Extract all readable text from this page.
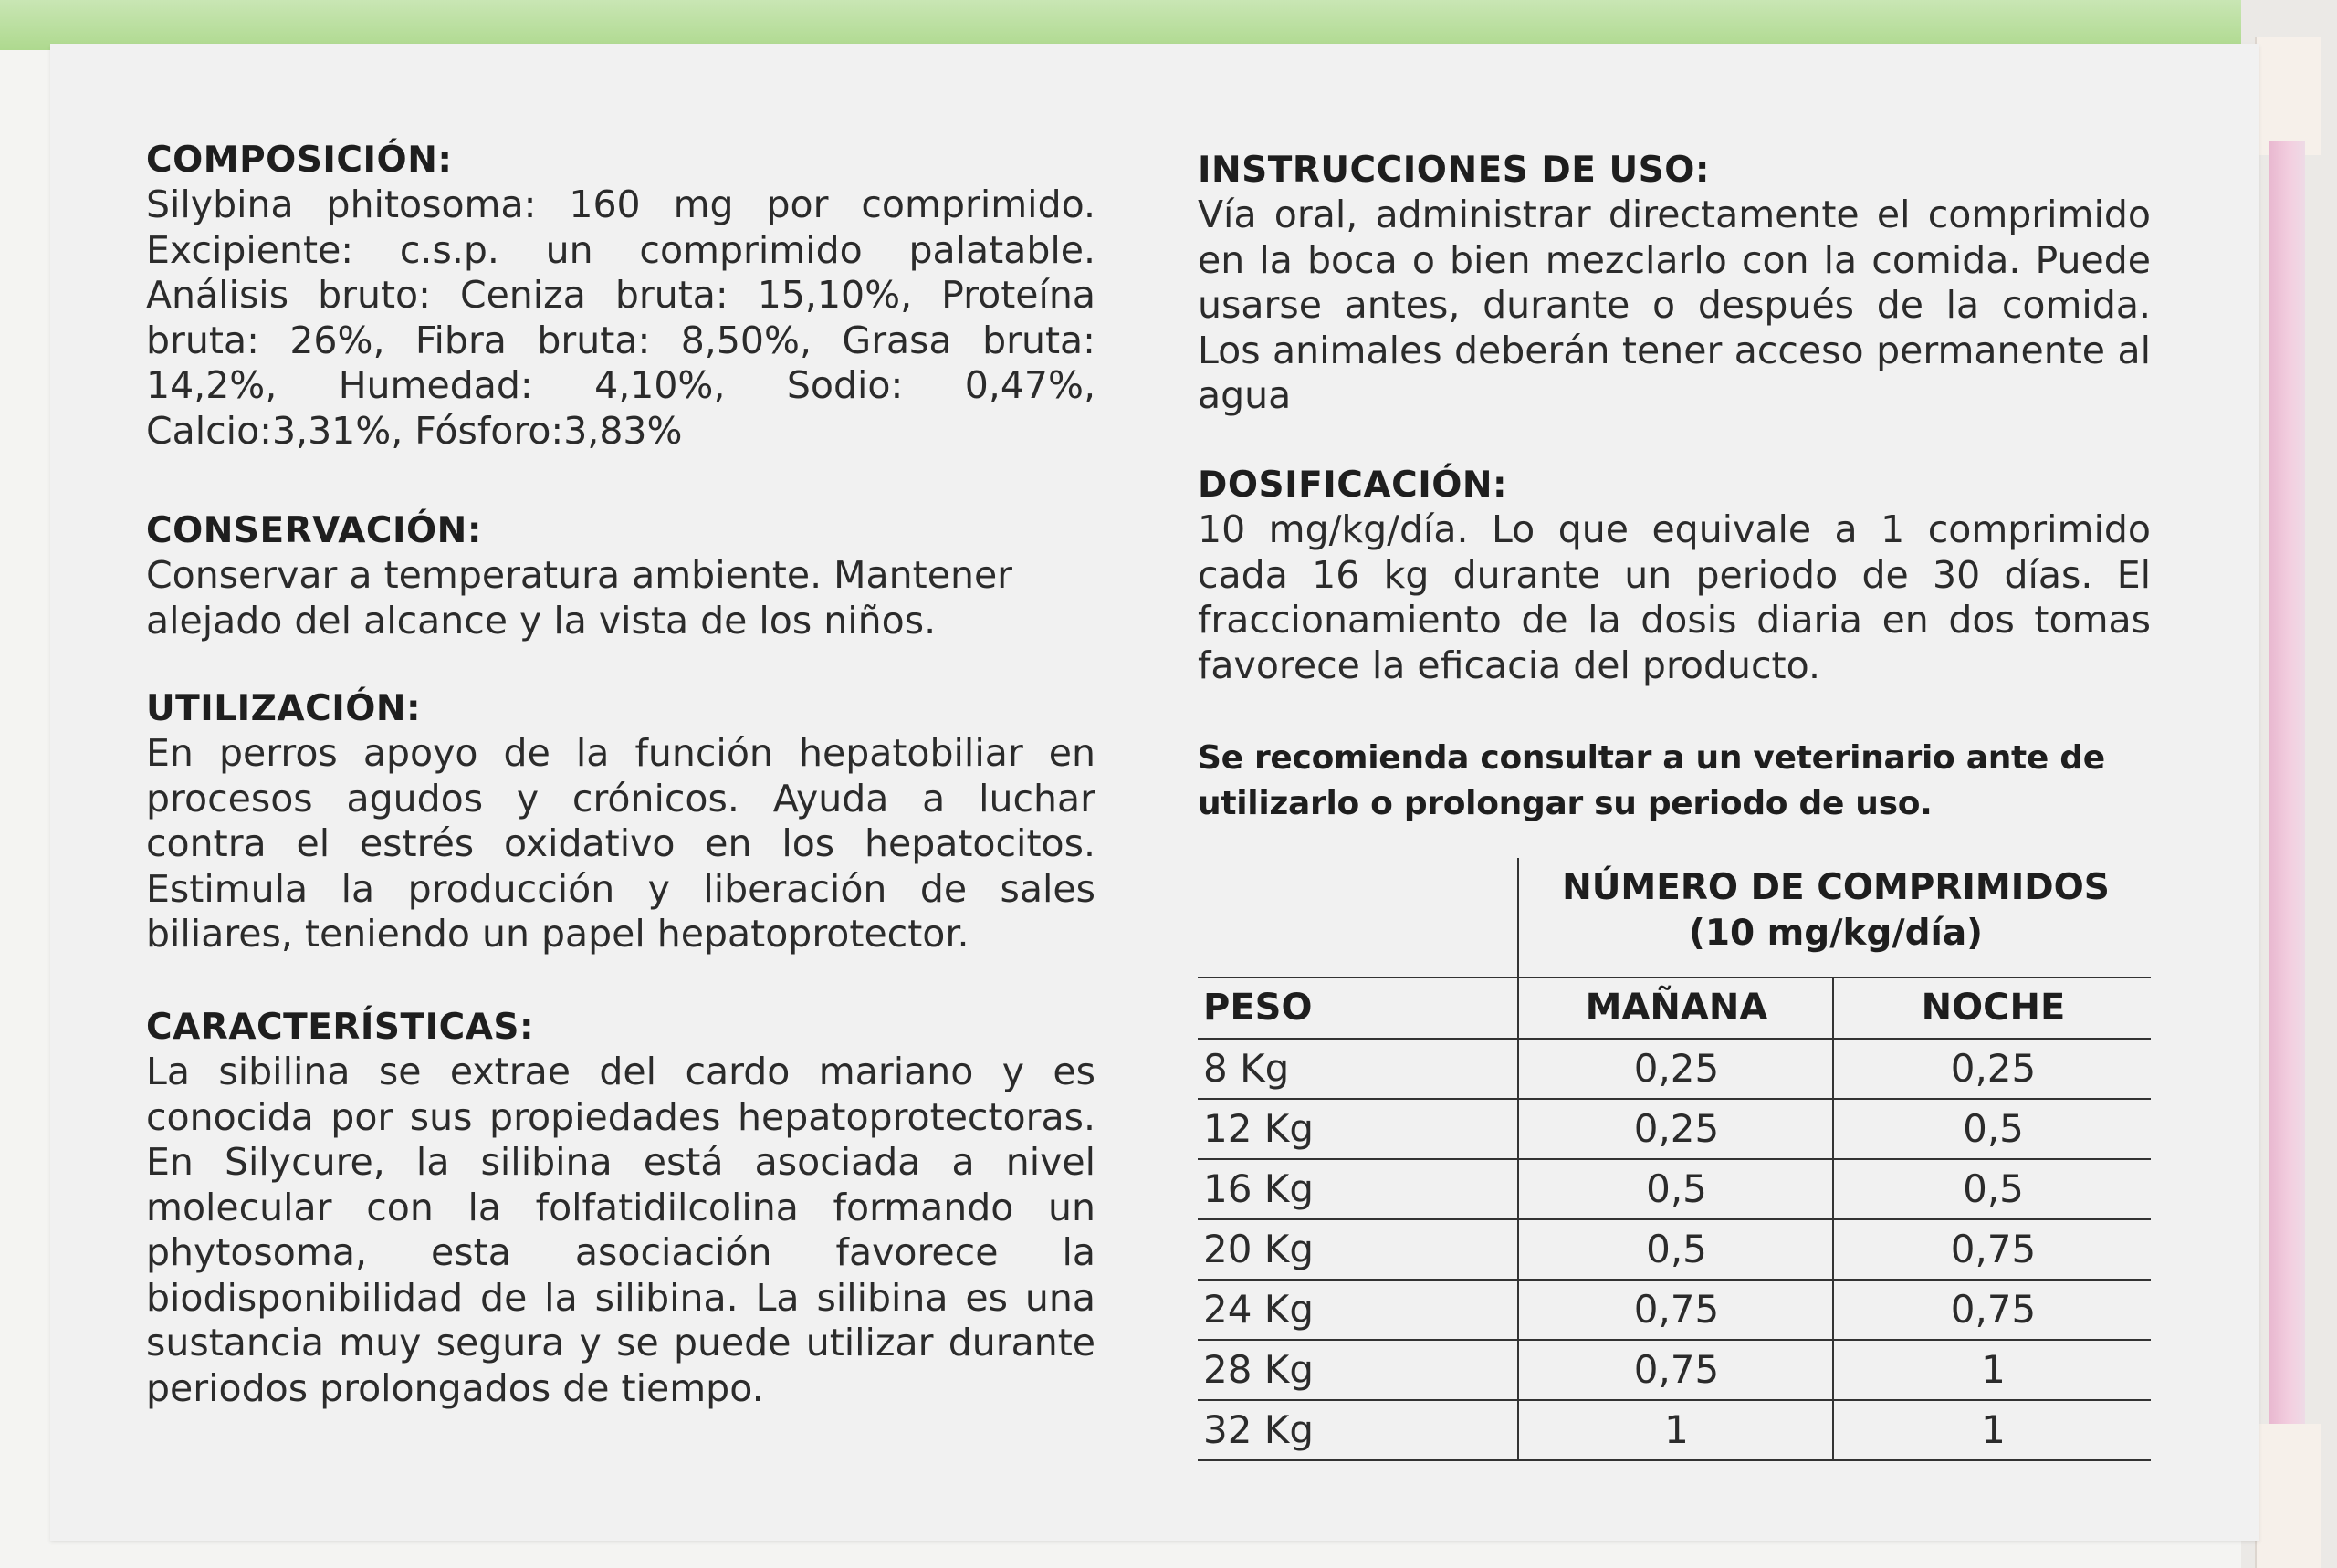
COMPOSICIÓN:
Silybina phitosoma: 160 mg por comprimido. Excipiente: c.s.p. un comprimido palatable. Análisis bruto: Ceniza bruta: 15,10%, Proteína bruta: 26%, Fibra bruta: 8,50%, Grasa bruta: 14,2%, Humedad: 4,10%, Sodio: 0,47%, Calcio:3,31%, Fósforo:3,83%
CONSERVACIÓN:
Conservar a temperatura ambiente. Mantener alejado del alcance y la vista de los niños.
UTILIZACIÓN:
En perros apoyo de la función hepatobiliar en procesos agudos y crónicos. Ayuda a luchar contra el estrés oxidativo en los hepatocitos. Estimula la producción y liberación de sales biliares, teniendo un papel hepatoprotector.
CARACTERÍSTICAS:
La sibilina se extrae del cardo mariano y es conocida por sus propiedades hepatoprotectoras. En Silycure, la silibina está asociada a nivel molecular con la folfatidilcolina formando un phytosoma, esta asociación favorece la biodisponibilidad de la silibina. La silibina es una sustancia muy segura y se puede utilizar durante periodos prolongados de tiempo.
INSTRUCCIONES DE USO:
Vía oral, administrar directamente el comprimido en la boca o bien mezclarlo con la comida. Puede usarse antes, durante o después de la comida. Los animales deberán tener acceso permanente al agua
DOSIFICACIÓN:
10 mg/kg/día. Lo que equivale a 1 comprimido cada 16 kg durante un periodo de 30 días. El fraccionamiento de la dosis diaria en dos tomas favorece la eficacia del producto.
Se recomienda consultar a un veterinario ante de utilizarlo o prolongar su periodo de uso.
NÚMERO DE COMPRIMIDOS
(10 mg/kg/día)
PESO	MAÑANA	NOCHE
8 Kg	0,25	0,25
12 Kg	0,25	0,5
16 Kg	0,5	0,5
20 Kg	0,5	0,75
24 Kg	0,75	0,75
28 Kg	0,75	1
32 Kg	1	1
